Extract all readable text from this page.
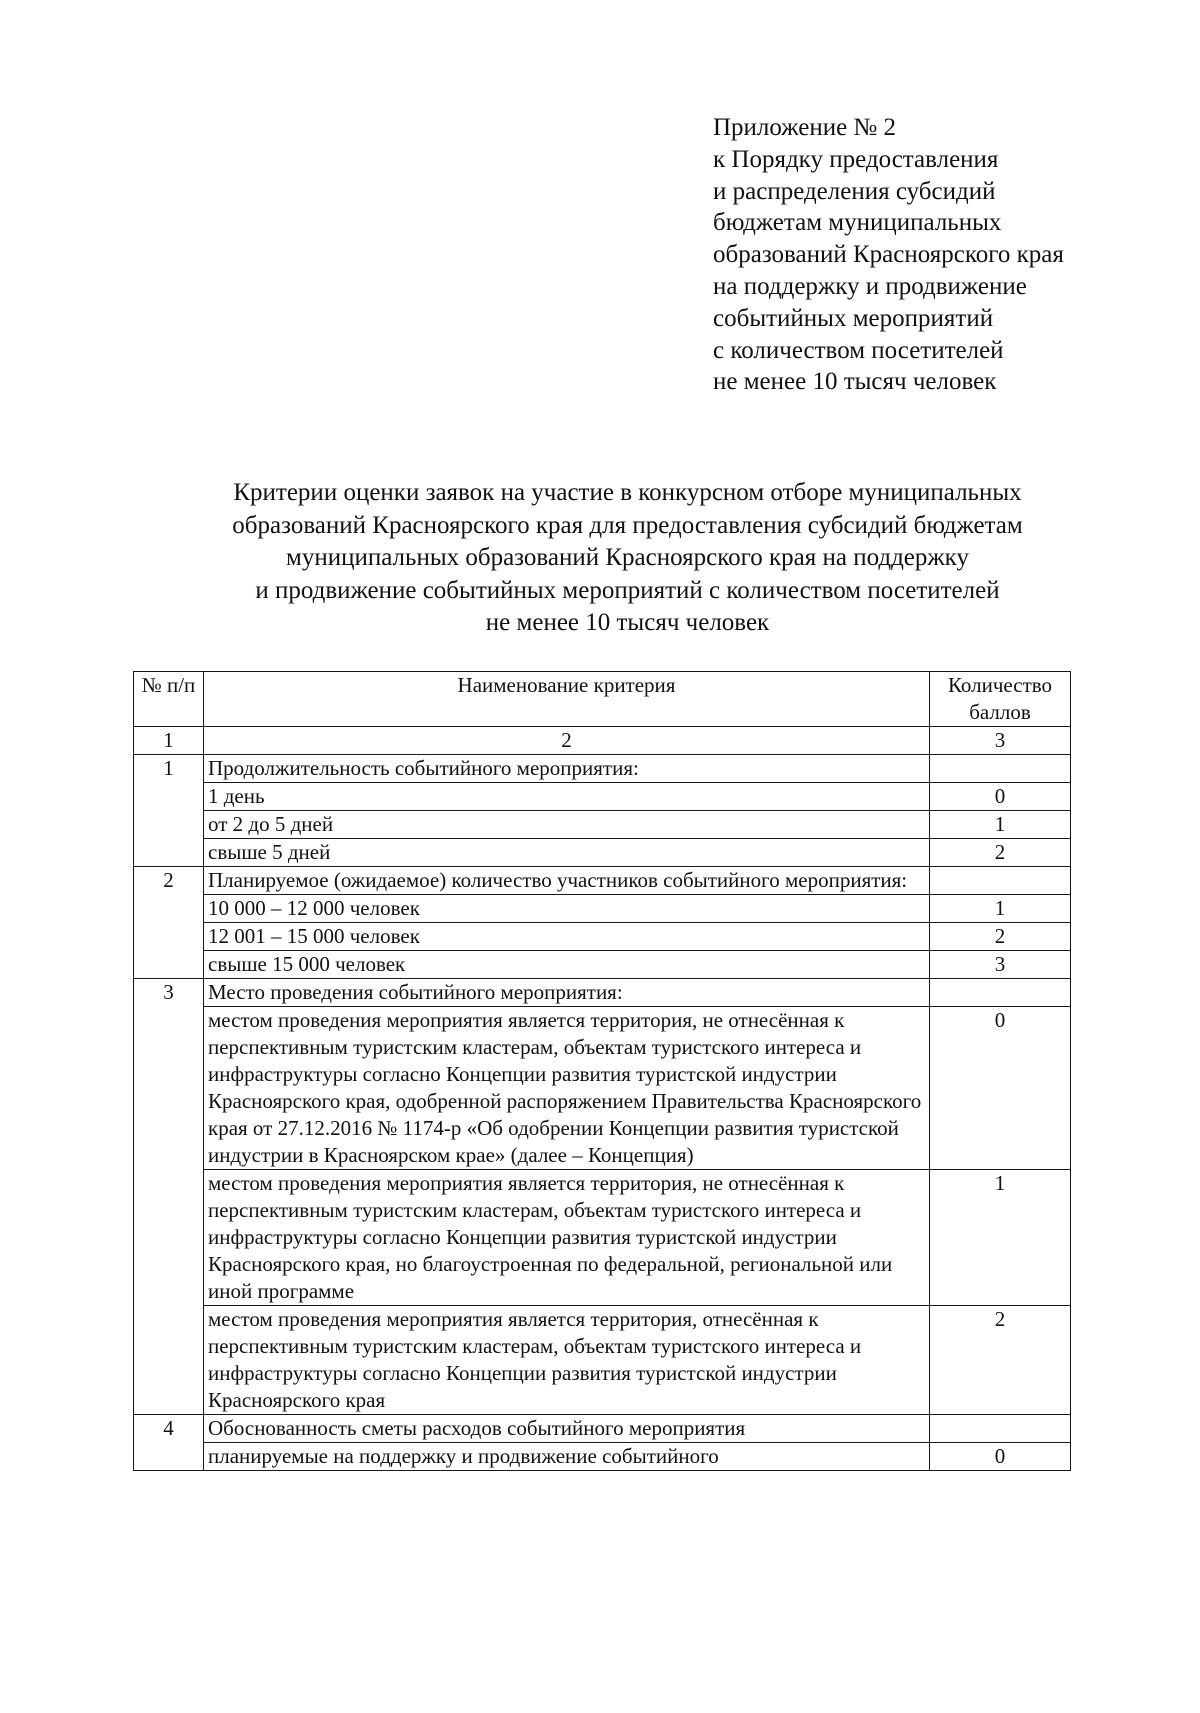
Приложение № 2
к Порядку предоставления
и распределения субсидий
бюджетам муниципальных
образований Красноярского края
на поддержку и продвижение
событийных мероприятий
с количеством посетителей
не менее 10 тысяч человек
Критерии оценки заявок на участие в конкурсном отборе муниципальных
образований Красноярского края для предоставления субсидий бюджетам
муниципальных образований Красноярского края на поддержку
и продвижение событийных мероприятий с количеством посетителей
не менее 10 тысяч человек
№ п/п	Наименование критерия	Количество баллов
1	2	3
1	Продолжительность событийного мероприятия:	
	1 день	0
	от 2 до 5 дней	1
	свыше 5 дней	2
2	Планируемое (ожидаемое) количество участников событийного мероприятия:	
	10 000 – 12 000 человек	1
	12 001 – 15 000 человек	2
	свыше 15 000 человек	3
3	Место проведения событийного мероприятия:	
	местом проведения мероприятия является территория, не отнесённая к перспективным туристским кластерам, объектам туристского интереса и инфраструктуры согласно Концепции развития туристской индустрии Красноярского края, одобренной распоряжением Правительства Красноярского края от 27.12.2016 № 1174-р «Об одобрении Концепции развития туристской индустрии в Красноярском крае» (далее – Концепция)	0
	местом проведения мероприятия является территория, не отнесённая к перспективным туристским кластерам, объектам туристского интереса и инфраструктуры согласно Концепции развития туристской индустрии Красноярского края, но благоустроенная по федеральной, региональной или иной программе	1
	местом проведения мероприятия является территория, отнесённая к перспективным туристским кластерам, объектам туристского интереса и инфраструктуры согласно Концепции развития туристской индустрии Красноярского края	2
4	Обоснованность сметы расходов событийного мероприятия	
	планируемые на поддержку и продвижение событийного	0
